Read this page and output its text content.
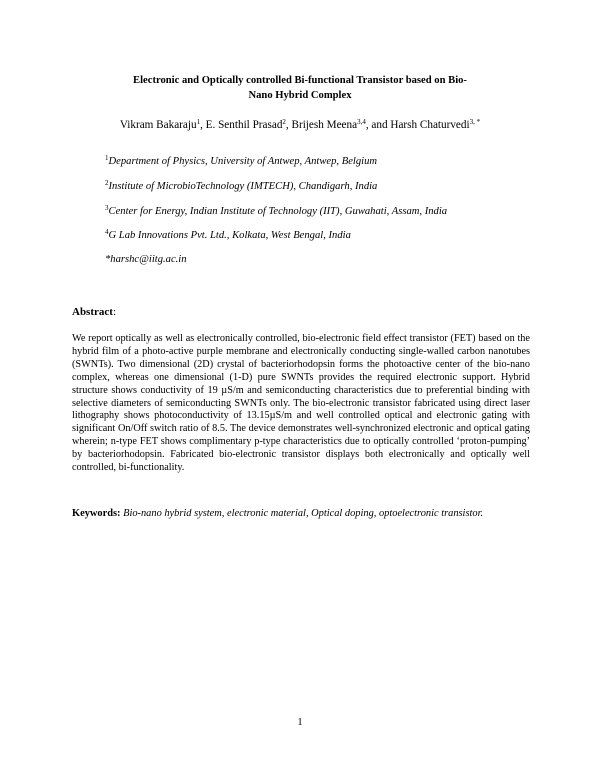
Electronic and Optically controlled Bi-functional Transistor based on Bio-
Nano Hybrid Complex
Vikram Bakaraju$^1$, E. Senthil Prasad$^2$, Brijesh Meena$^{3,4}$, and Harsh Chaturvedi$^{3, *}$
$^1$Department of Physics, University of Antwep, Antwep, Belgium
$^2$Institute of MicrobioTechnology (IMTECH), Chandigarh, India
$^3$Center for Energy, Indian Institute of Technology (IIT), Guwahati, Assam, India
$^4$G Lab Innovations Pvt. Ltd., Kolkata, West Bengal, India
*harshc@iitg.ac.in
Abstract:
We report optically as well as electronically controlled, bio-electronic field effect transistor (FET) based on the hybrid film of a photo-active purple membrane and electronically conducting single-walled carbon nanotubes (SWNTs). Two dimensional (2D) crystal of bacteriorhodopsin forms the photoactive center of the bio-nano complex, whereas one dimensional (1-D) pure SWNTs provides the required electronic support. Hybrid structure shows conductivity of 19 µS/m and semiconducting characteristics due to preferential binding with selective diameters of semiconducting SWNTs only. The bio-electronic transistor fabricated using direct laser lithography shows photoconductivity of 13.15µS/m and well controlled optical and electronic gating with significant On/Off switch ratio of 8.5. The device demonstrates well-synchronized electronic and optical gating wherein; n-type FET shows complimentary p-type characteristics due to optically controlled ‘proton-pumping’ by bacteriorhodopsin. Fabricated bio-electronic transistor displays both electronically and optically well controlled, bi-functionality.
Keywords: Bio-nano hybrid system, electronic material, Optical doping, optoelectronic transistor.
1
